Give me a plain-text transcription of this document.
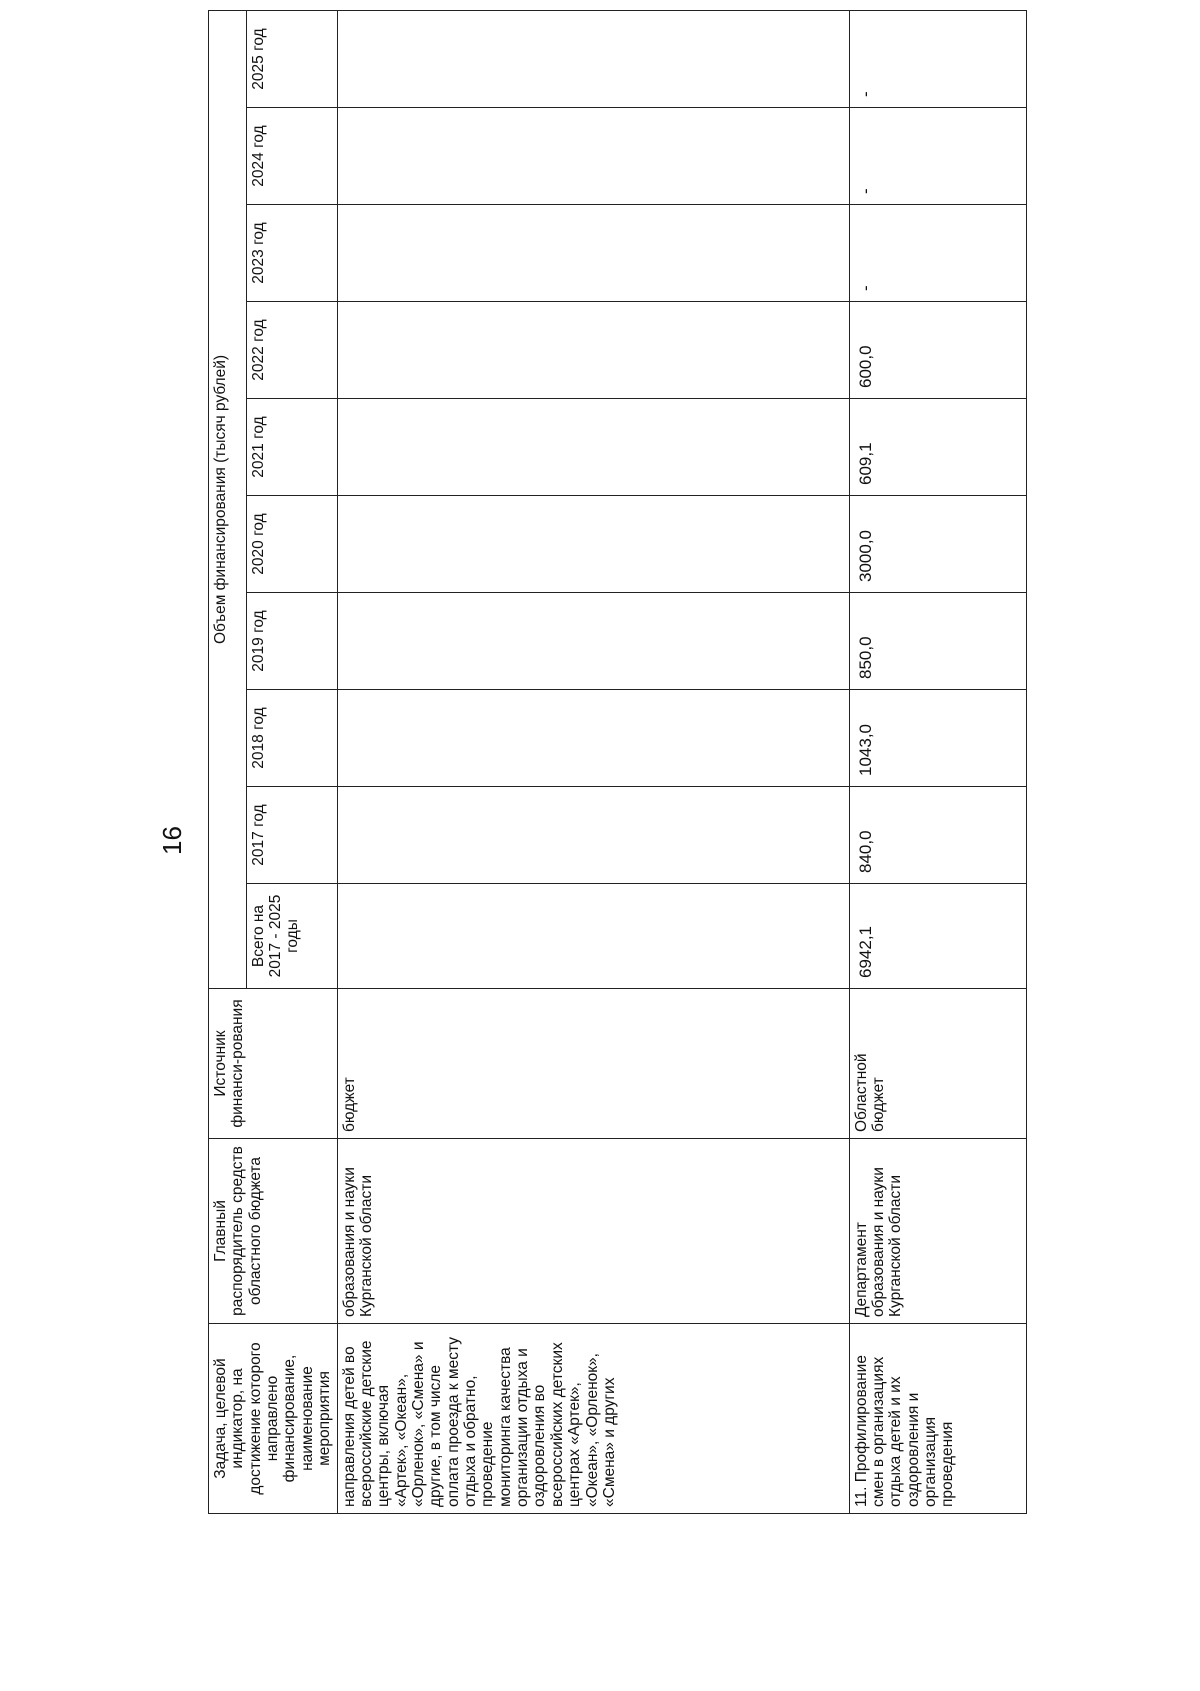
16
Задача, целевой индикатор, на достижение которого направлено финансирование, наименование мероприятия	Главный распорядитель средств областного бюджета	Источник финанси-рования	Объем финансирования (тысяч рублей)									
			Всего на 2017 - 2025 годы	2017 год	2018 год	2019 год	2020 год	2021 год	2022 год	2023 год	2024 год	2025 год
направления детей во всероссийские детские центры, включая «Артек», «Океан», «Орленок», «Смена» и другие, в том числе оплата проезда к месту отдыха и обратно, проведение мониторинга качества организации отдыха и оздоровления во всероссийских детских центрах «Артек», «Океан», «Орленок», «Смена» и других	образования и науки Курганской области	бюджет										
11. Профилирование смен в организациях отдыха детей и их оздоровления и организация проведения	Департамент образования и науки Курганской области	Областной бюджет	6942,1	840,0	1043,0	850,0	3000,0	609,1	600,0	-	-	-
